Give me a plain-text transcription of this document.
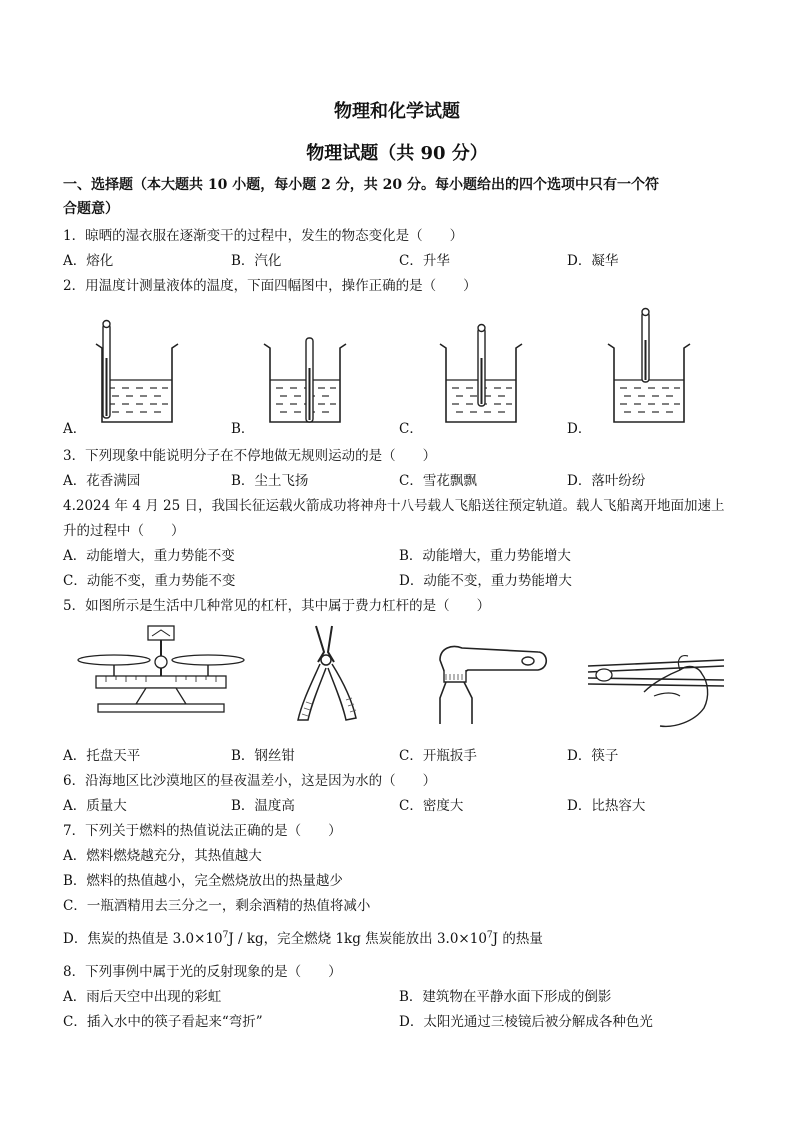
物理和化学试题
物理试题（共 90 分）
一、选择题（本大题共 10 小题，每小题 2 分，共 20 分。每小题给出的四个选项中只有一个符
合题意）
1．晾晒的湿衣服在逐渐变干的过程中，发生的物态变化是（　　）
A．熔化	B．汽化	C．升华	D．凝华
2．用温度计测量液体的温度，下面四幅图中，操作正确的是（　　）
A．	B．	C．	D．
3．下列现象中能说明分子在不停地做无规则运动的是（　　）
A．花香满园	B．尘土飞扬	C．雪花飘飘	D．落叶纷纷
4.2024 年 4 月 25 日，我国长征运载火箭成功将神舟十八号载人飞船送往预定轨道。载人飞船离开地面加速上
升的过程中（　　）
A．动能增大，重力势能不变	B．动能增大，重力势能增大
C．动能不变，重力势能不变	D．动能不变，重力势能增大
5．如图所示是生活中几种常见的杠杆，其中属于费力杠杆的是（　　）
A．托盘天平	B．钢丝钳	C．开瓶扳手	D．筷子
6．沿海地区比沙漠地区的昼夜温差小，这是因为水的（　　）
A．质量大	B．温度高	C．密度大	D．比热容大
7．下列关于燃料的热值说法正确的是（　　）
A．燃料燃烧越充分，其热值越大
B．燃料的热值越小，完全燃烧放出的热量越少
C．一瓶酒精用去三分之一，剩余酒精的热值将减小
D．焦炭的热值是 $3.0\times 10^7J$ / kg，完全燃烧 1kg 焦炭能放出 $3.0\times 10^7J$ 的热量
8．下列事例中属于光的反射现象的是（　　）
A．雨后天空中出现的彩虹	B．建筑物在平静水面下形成的倒影
C．插入水中的筷子看起来“弯折”	D．太阳光通过三棱镜后被分解成各种色光
